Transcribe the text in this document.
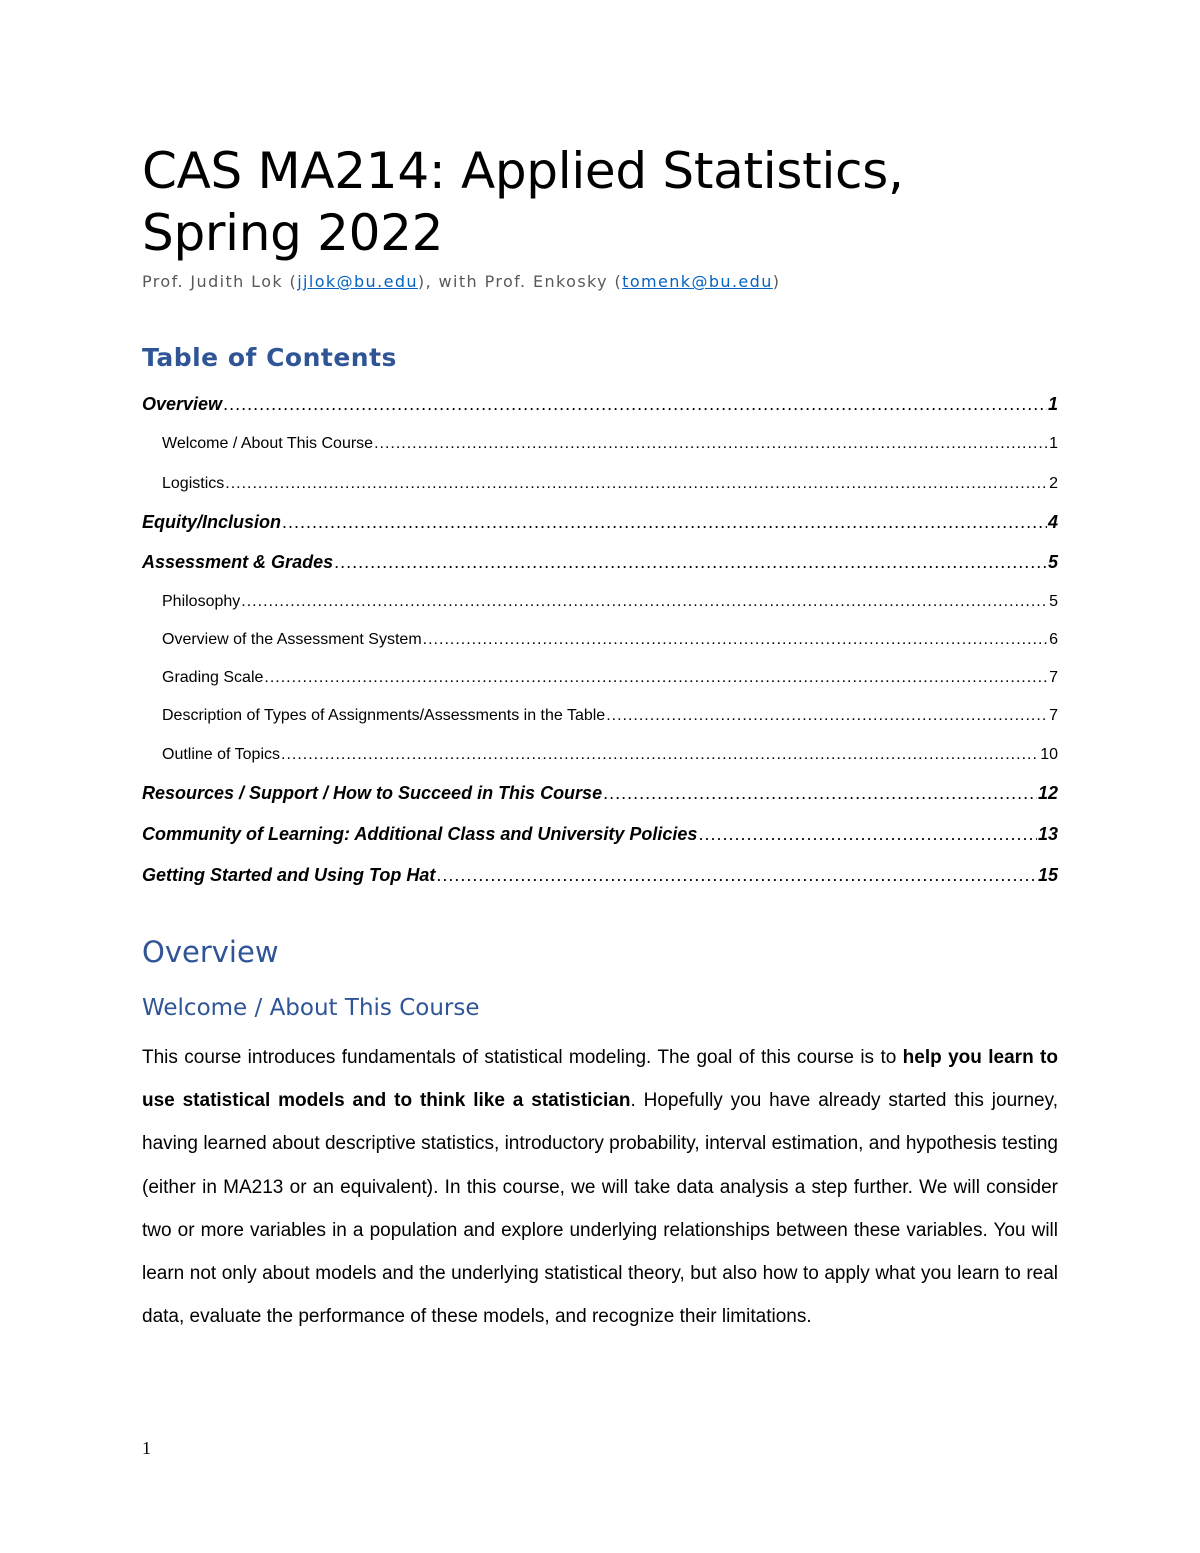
CAS MA214: Applied Statistics,
Spring 2022
Prof. Judith Lok (jjlok@bu.edu), with Prof. Enkosky (tomenk@bu.edu)
Table of Contents
Overview .....	1
Welcome / About This Course .....	1
Logistics .....	2
Equity/Inclusion .....	4
Assessment & Grades .....	5
Philosophy .....	5
Overview of the Assessment System .....	6
Grading Scale .....	7
Description of Types of Assignments/Assessments in the Table .....	7
Outline of Topics .....	10
Resources / Support / How to Succeed in This Course .....	12
Community of Learning: Additional Class and University Policies .....	13
Getting Started and Using Top Hat .....	15
Overview
Welcome / About This Course

This course introduces fundamentals of statistical modeling. The goal of this course is to help you learn to use statistical models and to think like a statistician. Hopefully you have already started this journey, having learned about descriptive statistics, introductory probability, interval estimation, and hypothesis testing (either in MA213 or an equivalent). In this course, we will take data analysis a step further. We will consider two or more variables in a population and explore underlying relationships between these variables. You will learn not only about models and the underlying statistical theory, but also how to apply what you learn to real data, evaluate the performance of these models, and recognize their limitations.

1
